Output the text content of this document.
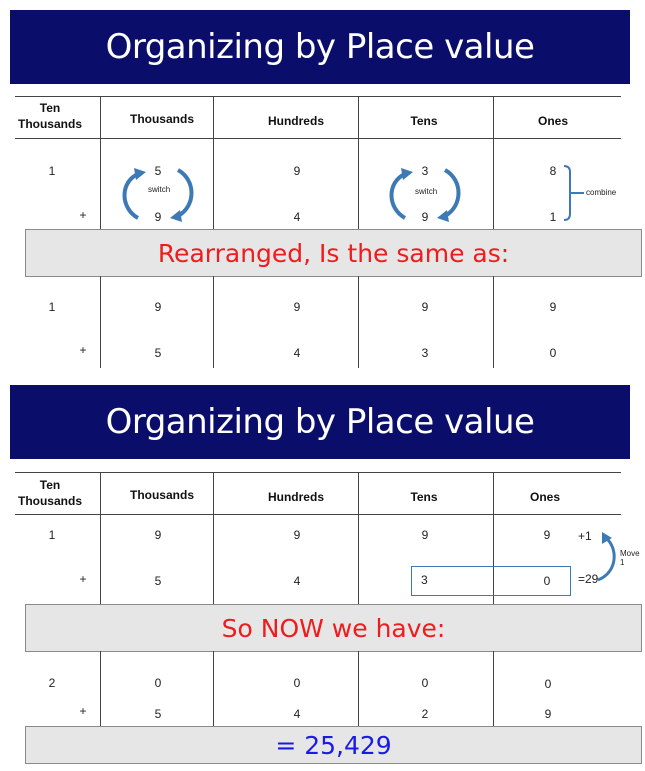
Organizing by Place value
Ten
Thousands	Thousands	Hundreds	Tens	Ones
1	5	9	3	8
+	9	4	9	1
switch	switch	combine
Rearranged, Is the same as:
1	9	9	9	9
+	5	4	3	0
Organizing by Place value
Ten
Thousands	Thousands	Hundreds	Tens	Ones
1	9	9	9	9	+1
+	5	4	3	0	=29
Move 1
So NOW we have:
2	0	0	0	0
+	5	4	2	9
= 25,429
